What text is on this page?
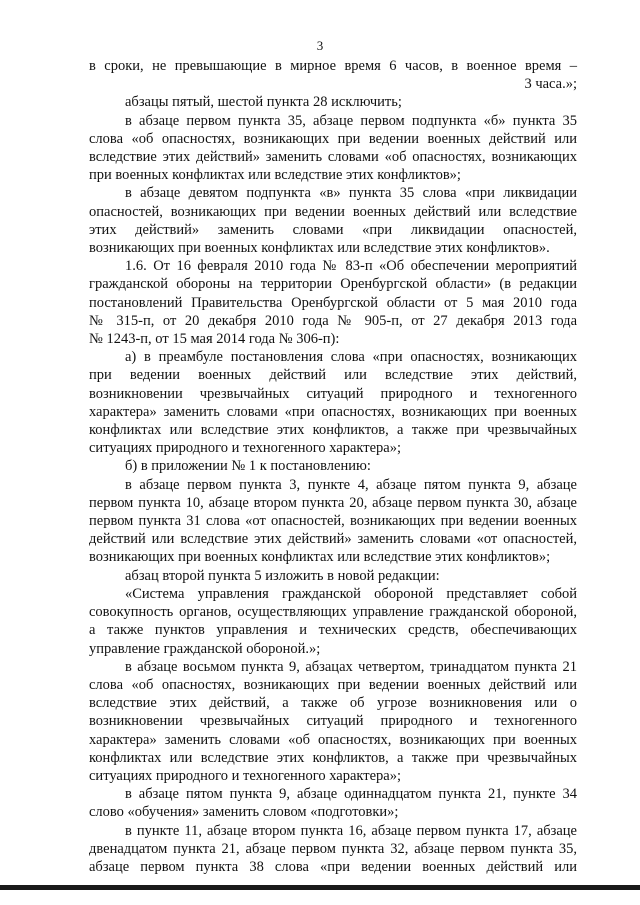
3
в сроки, не превышающие в мирное время 6 часов, в военное время –
3 часа.»;
абзацы пятый, шестой пункта 28 исключить;
в абзаце первом пункта 35, абзаце первом подпункта «б» пункта 35
слова «об опасностях, возникающих при ведении военных действий или
вследствие этих действий» заменить словами «об опасностях, возникающих
при военных конфликтах или вследствие этих конфликтов»;
в абзаце девятом подпункта «в» пункта 35 слова «при ликвидации
опасностей, возникающих при ведении военных действий или вследствие
этих действий» заменить словами «при ликвидации опасностей,
возникающих при военных конфликтах или вследствие этих конфликтов».
1.6. От 16 февраля 2010 года № 83-п «Об обеспечении мероприятий
гражданской обороны на территории Оренбургской области» (в редакции
постановлений Правительства Оренбургской области от 5 мая 2010 года
№ 315-п, от 20 декабря 2010 года № 905-п, от 27 декабря 2013 года
№ 1243-п, от 15 мая 2014 года № 306-п):
а) в преамбуле постановления слова «при опасностях, возникающих
при ведении военных действий или вследствие этих действий,
возникновении чрезвычайных ситуаций природного и техногенного
характера» заменить словами «при опасностях, возникающих при военных
конфликтах или вследствие этих конфликтов, а также при чрезвычайных
ситуациях природного и техногенного характера»;
б) в приложении № 1 к постановлению:
в абзаце первом пункта 3, пункте 4, абзаце пятом пункта 9, абзаце
первом пункта 10, абзаце втором пункта 20, абзаце первом пункта 30, абзаце
первом пункта 31 слова «от опасностей, возникающих при ведении военных
действий или вследствие этих действий» заменить словами «от опасностей,
возникающих при военных конфликтах или вследствие этих конфликтов»;
абзац второй пункта 5 изложить в новой редакции:
«Система управления гражданской обороной представляет собой
совокупность органов, осуществляющих управление гражданской обороной,
а также пунктов управления и технических средств, обеспечивающих
управление гражданской обороной.»;
в абзаце восьмом пункта 9, абзацах четвертом, тринадцатом пункта 21
слова «об опасностях, возникающих при ведении военных действий или
вследствие этих действий, а также об угрозе возникновения или о
возникновении чрезвычайных ситуаций природного и техногенного
характера» заменить словами «об опасностях, возникающих при военных
конфликтах или вследствие этих конфликтов, а также при чрезвычайных
ситуациях природного и техногенного характера»;
в абзаце пятом пункта 9, абзаце одиннадцатом пункта 21, пункте 34
слово «обучения» заменить словом «подготовки»;
в пункте 11, абзаце втором пункта 16, абзаце первом пункта 17, абзаце
двенадцатом пункта 21, абзаце первом пункта 32, абзаце первом пункта 35,
абзаце первом пункта 38 слова «при ведении военных действий или
